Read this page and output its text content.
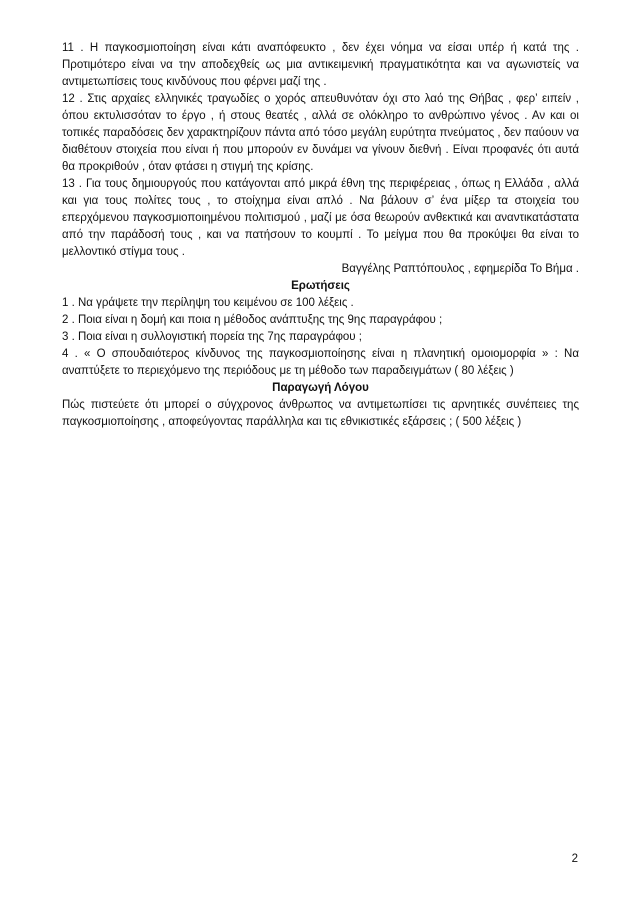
11 . Η παγκοσμιοποίηση είναι κάτι αναπόφευκτο , δεν έχει νόημα να είσαι υπέρ ή κατά της . Προτιμότερο είναι να την αποδεχθείς ως μια αντικειμενική πραγματικότητα και να αγωνιστείς να αντιμετωπίσεις τους κινδύνους που φέρνει μαζί της .

12 . Στις αρχαίες ελληνικές τραγωδίες ο χορός απευθυνόταν όχι στο λαό της Θήβας , φερ’ ειπείν , όπου εκτυλισσόταν το έργο , ή στους θεατές , αλλά σε ολόκληρο το ανθρώπινο γένος . Αν και οι τοπικές παραδόσεις δεν χαρακτηρίζουν πάντα από τόσο μεγάλη ευρύτητα πνεύματος , δεν παύουν να διαθέτουν στοιχεία που είναι ή που μπορούν εν δυνάμει να γίνουν διεθνή . Είναι προφανές ότι αυτά θα προκριθούν , όταν φτάσει η στιγμή της κρίσης.

13 . Για τους δημιουργούς που κατάγονται από μικρά έθνη της περιφέρειας , όπως η Ελλάδα , αλλά και για τους πολίτες τους , το στοίχημα είναι απλό . Να βάλουν σ’ ένα μίξερ τα στοιχεία του επερχόμενου παγκοσμιοποιημένου πολιτισμού , μαζί με όσα θεωρούν ανθεκτικά και αναντικατάστατα από την παράδοσή τους , και να πατήσουν το κουμπί . Το μείγμα που θα προκύψει θα είναι το μελλοντικό στίγμα τους .

Βαγγέλης Ραπτόπουλος , εφημερίδα Το Βήμα .

Ερωτήσεις

1 . Να γράψετε την περίληψη του κειμένου σε 100 λέξεις .

2 . Ποια είναι η δομή και ποια η μέθοδος ανάπτυξης της 9ης παραγράφου ;

3 . Ποια είναι η συλλογιστική πορεία της 7ης παραγράφου ;

4 . « Ο σπουδαιότερος κίνδυνος της παγκοσμιοποίησης είναι η πλανητική ομοιομορφία » : Να αναπτύξετε το περιεχόμενο της περιόδους με τη μέθοδο των παραδειγμάτων ( 80 λέξεις )

Παραγωγή Λόγου

Πώς πιστεύετε ότι μπορεί ο σύγχρονος άνθρωπος να αντιμετωπίσει τις αρνητικές συνέπειες της παγκοσμιοποίησης , αποφεύγοντας παράλληλα και τις εθνικιστικές εξάρσεις ; ( 500 λέξεις )

2
